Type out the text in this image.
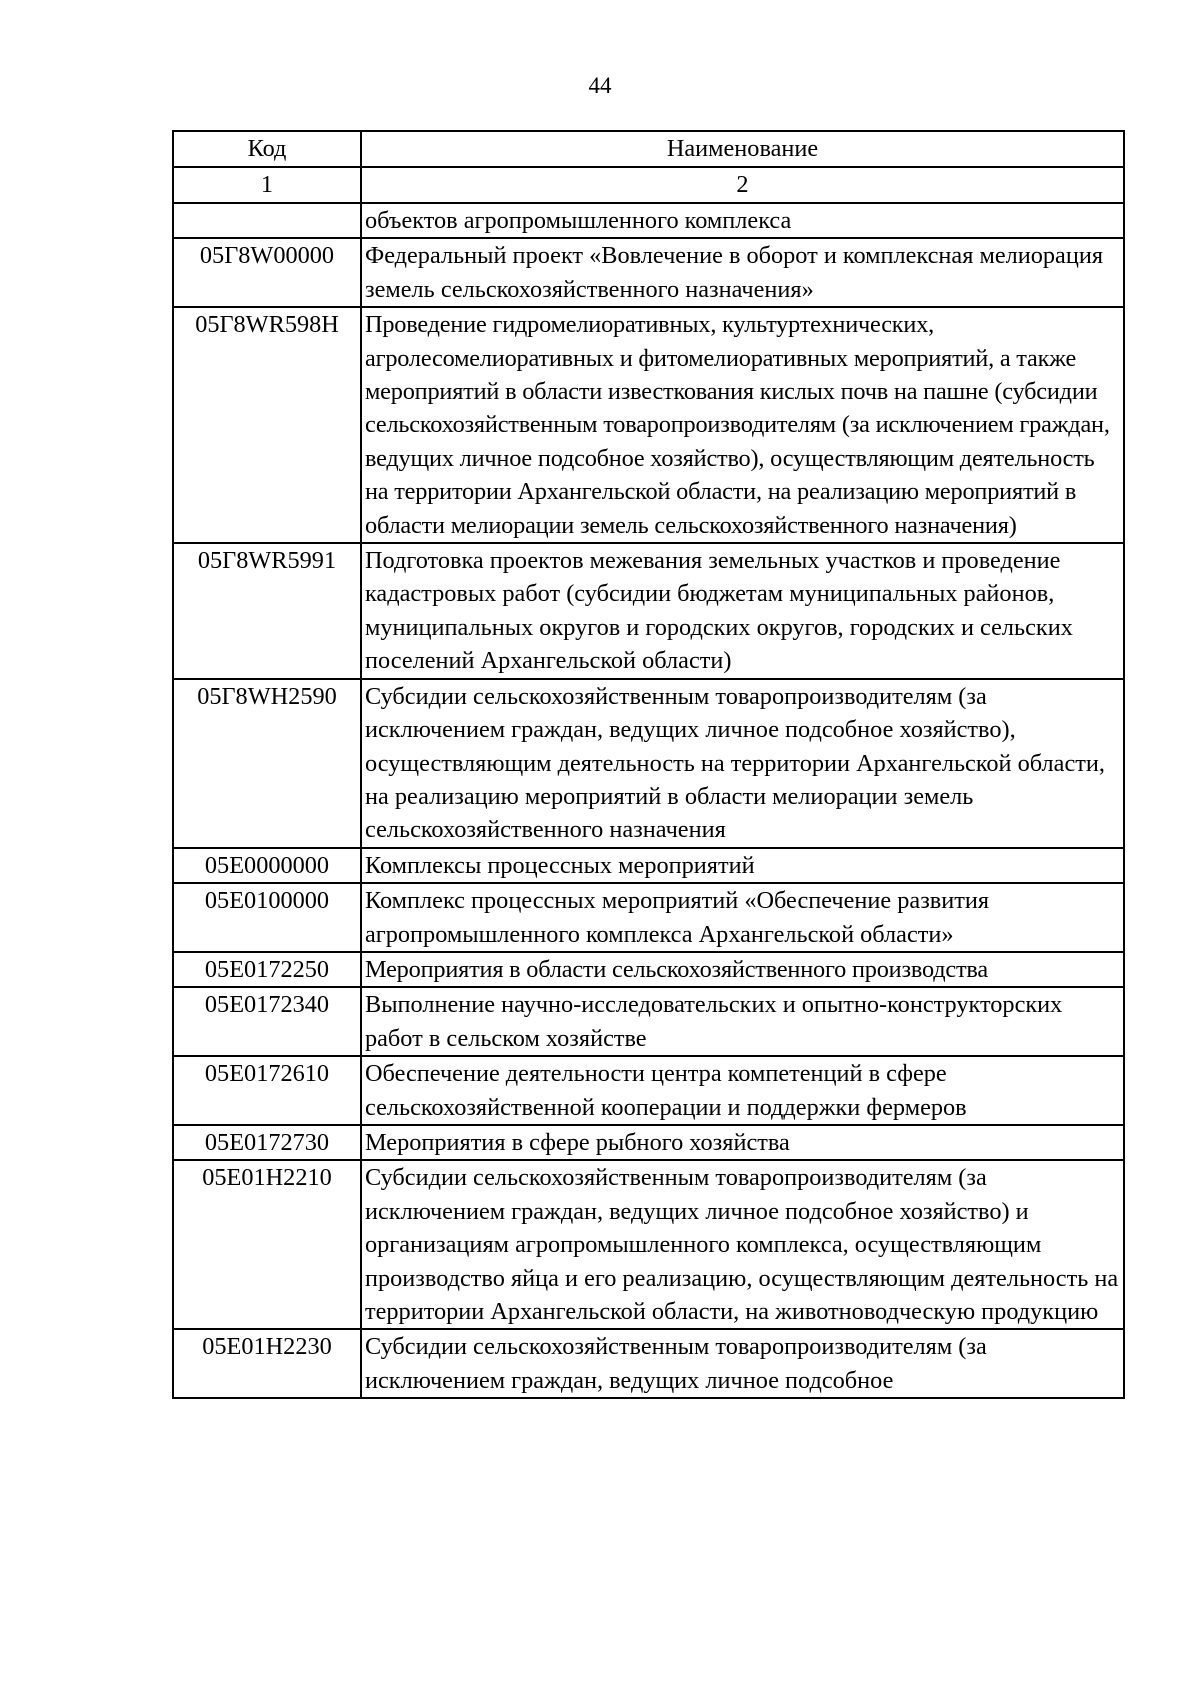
44
Код	Наименование
1	2
	объектов агропромышленного комплекса
05Г8W00000	Федеральный проект «Вовлечение в оборот и комплексная мелиорация земель сельскохозяйственного назначения»
05Г8WR598Н	Проведение гидромелиоративных, культуртехнических, агролесомелиоративных и фитомелиоративных мероприятий, а также мероприятий в области известкования кислых почв на пашне (субсидии сельскохозяйственным товаропроизводителям (за исключением граждан, ведущих личное подсобное хозяйство), осуществляющим деятельность на территории Архангельской области, на реализацию мероприятий в области мелиорации земель сельскохозяйственного назначения)
05Г8WR5991	Подготовка проектов межевания земельных участков и проведение кадастровых работ (субсидии бюджетам муниципальных районов, муниципальных округов и городских округов, городских и сельских поселений Архангельской области)
05Г8WН2590	Субсидии сельскохозяйственным товаропроизводителям (за исключением граждан, ведущих личное подсобное хозяйство), осуществляющим деятельность на территории Архангельской области, на реализацию мероприятий в области мелиорации земель сельскохозяйственного назначения
05Е0000000	Комплексы процессных мероприятий
05Е0100000	Комплекс процессных мероприятий «Обеспечение развития агропромышленного комплекса Архангельской области»
05Е0172250	Мероприятия в области сельскохозяйственного производства
05Е0172340	Выполнение научно-исследовательских и опытно-конструкторских работ в сельском хозяйстве
05Е0172610	Обеспечение деятельности центра компетенций в сфере сельскохозяйственной кооперации и поддержки фермеров
05Е0172730	Мероприятия в сфере рыбного хозяйства
05Е01Н2210	Субсидии сельскохозяйственным товаропроизводителям (за исключением граждан, ведущих личное подсобное хозяйство) и организациям агропромышленного комплекса, осуществляющим производство яйца и его реализацию, осуществляющим деятельность на территории Архангельской области, на животноводческую продукцию
05Е01Н2230	Субсидии сельскохозяйственным товаропроизводителям (за исключением граждан, ведущих личное подсобное
